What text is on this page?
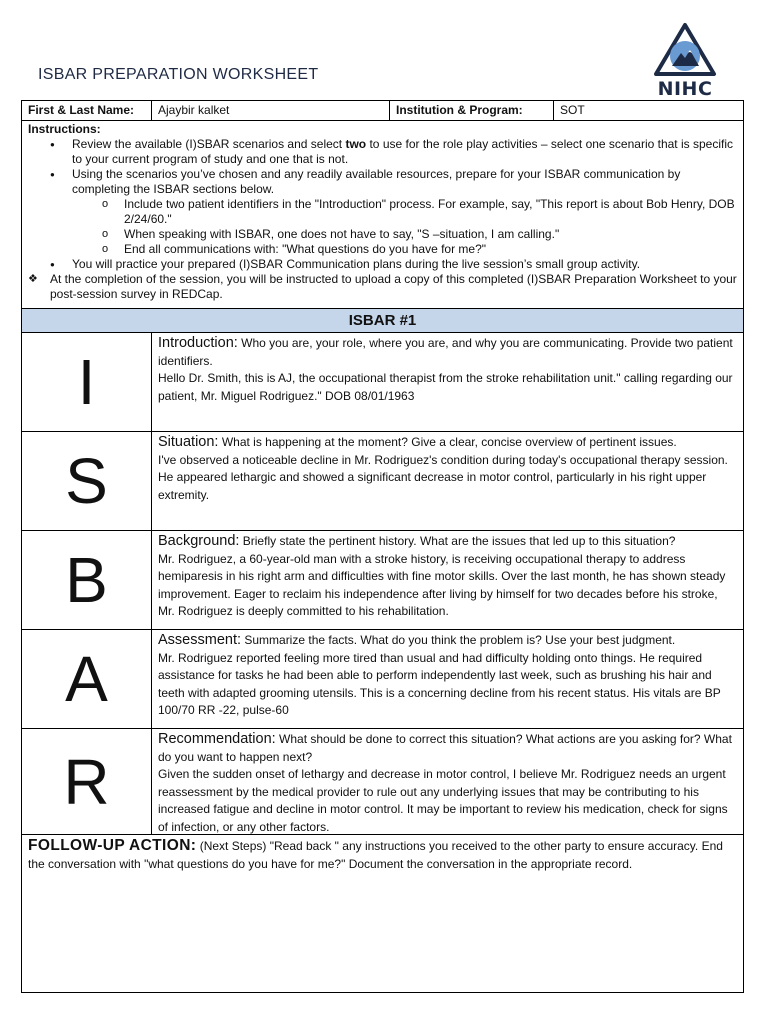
ISBAR PREPARATION WORKSHEET
NIHC
First & Last Name:	Ajaybir kalket	Institution & Program:	SOT
Instructions:
● Review the available (I)SBAR scenarios and select two to use for the role play activities – select one scenario that is specific to your current program of study and one that is not.
● Using the scenarios you’ve chosen and any readily available resources, prepare for your ISBAR communication by completing the ISBAR sections below.
o Include two patient identifiers in the "Introduction" process. For example, say, "This report is about Bob Henry, DOB 2/24/60."
o When speaking with ISBAR, one does not have to say, "S –situation, I am calling."
o End all communications with: "What questions do you have for me?"
● You will practice your prepared (I)SBAR Communication plans during the live session’s small group activity.
❖ At the completion of the session, you will be instructed to upload a copy of this completed (I)SBAR Preparation Worksheet to your post-session survey in REDCap.
ISBAR #1
I
Introduction: Who you are, your role, where you are, and why you are communicating. Provide two patient identifiers.
Hello Dr. Smith, this is AJ, the occupational therapist from the stroke rehabilitation unit." calling regarding our patient, Mr. Miguel Rodriguez." DOB 08/01/1963
S
Situation: What is happening at the moment? Give a clear, concise overview of pertinent issues.
I've observed a noticeable decline in Mr. Rodriguez's condition during today's occupational therapy session. He appeared lethargic and showed a significant decrease in motor control, particularly in his right upper extremity.
B
Background: Briefly state the pertinent history. What are the issues that led up to this situation?
Mr. Rodriguez, a 60-year-old man with a stroke history, is receiving occupational therapy to address hemiparesis in his right arm and difficulties with fine motor skills. Over the last month, he has shown steady improvement. Eager to reclaim his independence after living by himself for two decades before his stroke, Mr. Rodriguez is deeply committed to his rehabilitation.
A
Assessment: Summarize the facts. What do you think the problem is? Use your best judgment.
Mr. Rodriguez reported feeling more tired than usual and had difficulty holding onto things. He required assistance for tasks he had been able to perform independently last week, such as brushing his hair and teeth with adapted grooming utensils. This is a concerning decline from his recent status. His vitals are BP 100/70 RR -22, pulse-60
R
Recommendation: What should be done to correct this situation? What actions are you asking for? What do you want to happen next?
Given the sudden onset of lethargy and decrease in motor control, I believe Mr. Rodriguez needs an urgent reassessment by the medical provider to rule out any underlying issues that may be contributing to his increased fatigue and decline in motor control. It may be important to review his medication, check for signs of infection, or any other factors.
FOLLOW-UP ACTION: (Next Steps) "Read back " any instructions you received to the other party to ensure accuracy. End the conversation with "what questions do you have for me?" Document the conversation in the appropriate record.
